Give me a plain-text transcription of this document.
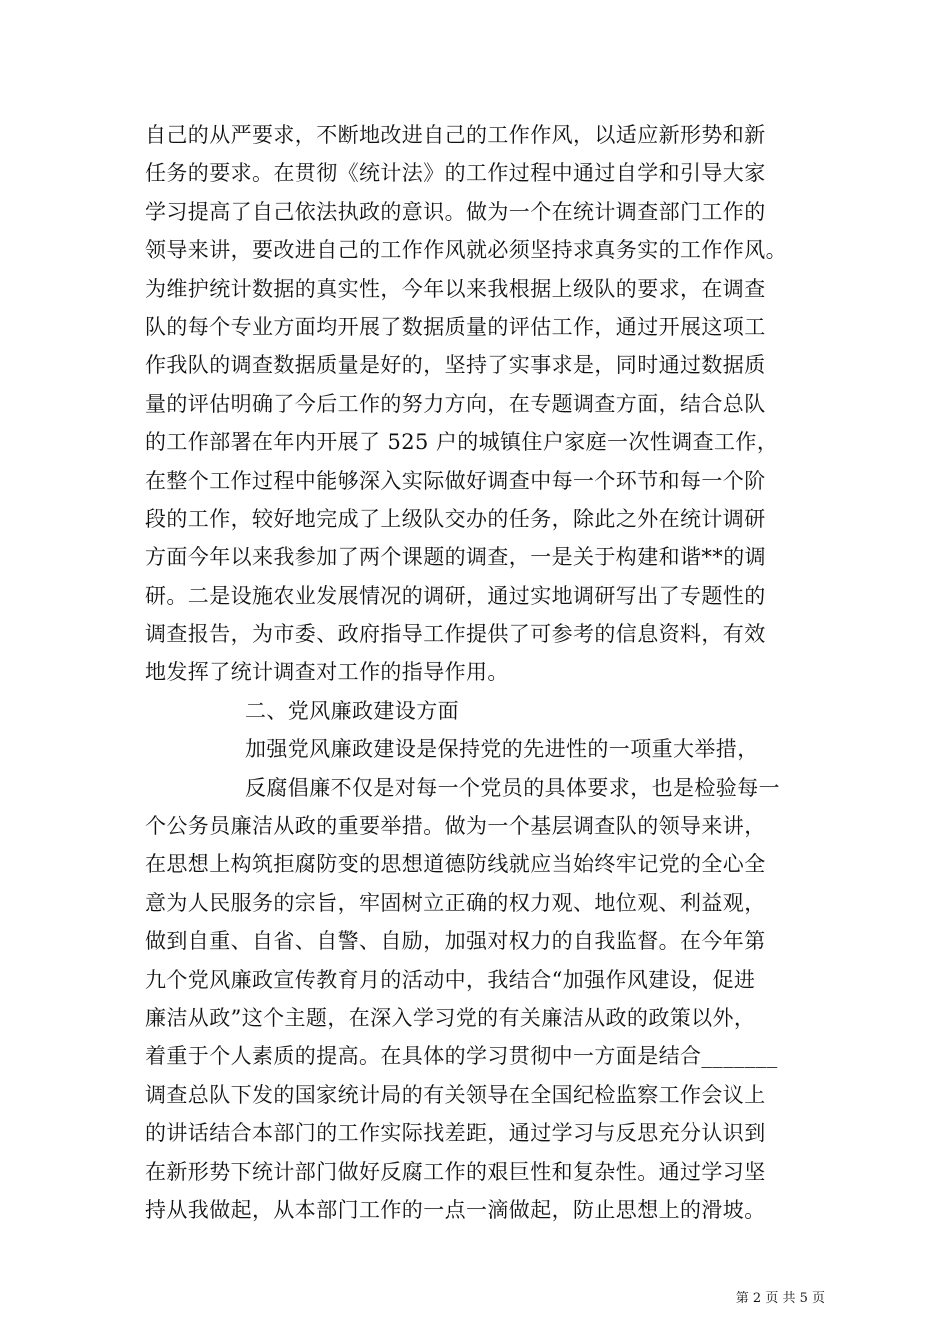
自己的从严要求，不断地改进自己的工作作风，以适应新形势和新
任务的要求。在贯彻《统计法》的工作过程中通过自学和引导大家
学习提高了自己依法执政的意识。做为一个在统计调查部门工作的
领导来讲，要改进自己的工作作风就必须坚持求真务实的工作作风。
为维护统计数据的真实性，今年以来我根据上级队的要求，在调查
队的每个专业方面均开展了数据质量的评估工作，通过开展这项工
作我队的调查数据质量是好的，坚持了实事求是，同时通过数据质
量的评估明确了今后工作的努力方向，在专题调查方面，结合总队
的工作部署在年内开展了 525 户的城镇住户家庭一次性调查工作，
在整个工作过程中能够深入实际做好调查中每一个环节和每一个阶
段的工作，较好地完成了上级队交办的任务，除此之外在统计调研
方面今年以来我参加了两个课题的调查，一是关于构建和谐**的调
研。二是设施农业发展情况的调研，通过实地调研写出了专题性的
调查报告，为市委、政府指导工作提供了可参考的信息资料，有效
地发挥了统计调查对工作的指导作用。
二、党风廉政建设方面
加强党风廉政建设是保持党的先进性的一项重大举措，
反腐倡廉不仅是对每一个党员的具体要求，也是检验每一
个公务员廉洁从政的重要举措。做为一个基层调查队的领导来讲，
在思想上构筑拒腐防变的思想道德防线就应当始终牢记党的全心全
意为人民服务的宗旨，牢固树立正确的权力观、地位观、利益观，
做到自重、自省、自警、自励，加强对权力的自我监督。在今年第
九个党风廉政宣传教育月的活动中，我结合“加强作风建设，促进
廉洁从政”这个主题，在深入学习党的有关廉洁从政的政策以外，
着重于个人素质的提高。在具体的学习贯彻中一方面是结合_______
调查总队下发的国家统计局的有关领导在全国纪检监察工作会议上
的讲话结合本部门的工作实际找差距，通过学习与反思充分认识到
在新形势下统计部门做好反腐工作的艰巨性和复杂性。通过学习坚
持从我做起，从本部门工作的一点一滴做起，防止思想上的滑坡。
第 2 页 共 5 页
